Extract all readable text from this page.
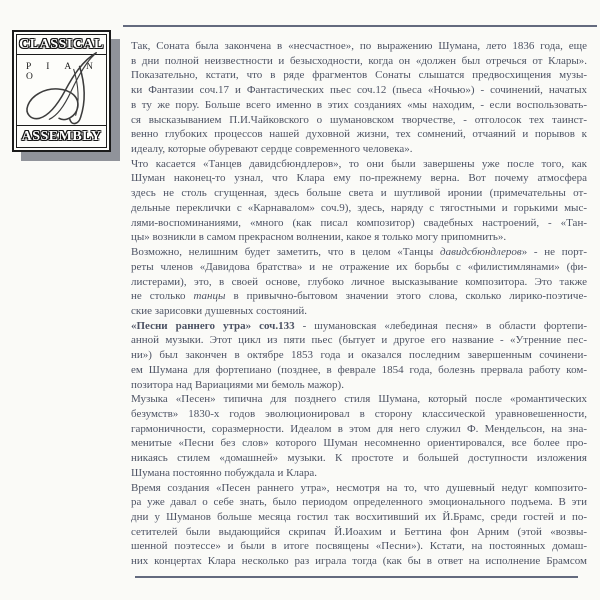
CLASSICAL
P I A N O
ASSEMBLY
Так, Соната была закончена в «несчастное», по выражению Шумана, лето 1836 года, еще
в дни полной неизвестности и безысходности, когда он «должен был отречься от Клары».
Показательно, кстати, что в ряде фрагментов Сонаты слышатся предвосхищения музы-
ки Фантазии соч.17 и Фантастических пьес соч.12 (пьеса «Ночью») - сочинений, начатых
в ту же пору. Больше всего именно в этих созданиях «мы находим, - если воспользовать-
ся высказыванием П.И.Чайковского о шумановском творчестве, - отголосок тех таинст-
венно глубоких процессов нашей духовной жизни, тех сомнений, отчаяний и порывов к
идеалу, которые обуревают сердце современного человека».
Что касается «Танцев давидсбюндлеров», то они были завершены уже после того, как
Шуман наконец-то узнал, что Клара ему по-прежнему верна. Вот почему атмосфера
здесь не столь сгущенная, здесь больше света и шутливой иронии (примечательны от-
дельные переклички с «Карнавалом» соч.9), здесь, наряду с тягостными и горькими мыс-
лями-воспоминаниями, «много (как писал композитор) свадебных настроений, - «Тан-
цы» возникли в самом прекрасном волнении, какое я только могу припомнить».
Возможно, нелишним будет заметить, что в целом «Танцы давидсбюндлеров» - не порт-
реты членов «Давидова братства» и не отражение их борьбы с «филистимлянами» (фи-
листерами), это, в своей основе, глубоко личное высказывание композитора. Это также
не столько танцы в привычно-бытовом значении этого слова, сколько лирико-поэтиче-
ские зарисовки душевных состояний.
«Песни раннего утра» соч.133 - шумановская «лебединая песня» в области фортепи-
анной музыки. Этот цикл из пяти пьес (бытует и другое его название - «Утренние пес-
ни») был закончен в октябре 1853 года и оказался последним завершенным сочинени-
ем Шумана для фортепиано (позднее, в феврале 1854 года, болезнь прервала работу ком-
позитора над Вариациями ми бемоль мажор).
Музыка «Песен» типична для позднего стиля Шумана, который после «романтических
безумств» 1830-х годов эволюционировал в сторону классической уравновешенности,
гармоничности, соразмерности. Идеалом в этом для него служил Ф. Мендельсон, на зна-
менитые «Песни без слов» которого Шуман несомненно ориентировался, все более про-
никаясь стилем «домашней» музыки. К простоте и большей доступности изложения
Шумана постоянно побуждала и Клара.
Время создания «Песен раннего утра», несмотря на то, что душевный недуг композито-
ра уже давал о себе знать, было периодом определенного эмоционального подъема. В эти
дни у Шуманов больше месяца гостил так восхитивший их Й.Брамс, среди гостей и по-
сетителей были выдающийся скрипач Й.Иоахим и Беттина фон Арним (этой «возвы-
шенной поэтессе» и были в итоге посвящены «Песни»). Кстати, на постоянных домаш-
них концертах Клара несколько раз играла тогда (как бы в ответ на исполнение Брамсом
